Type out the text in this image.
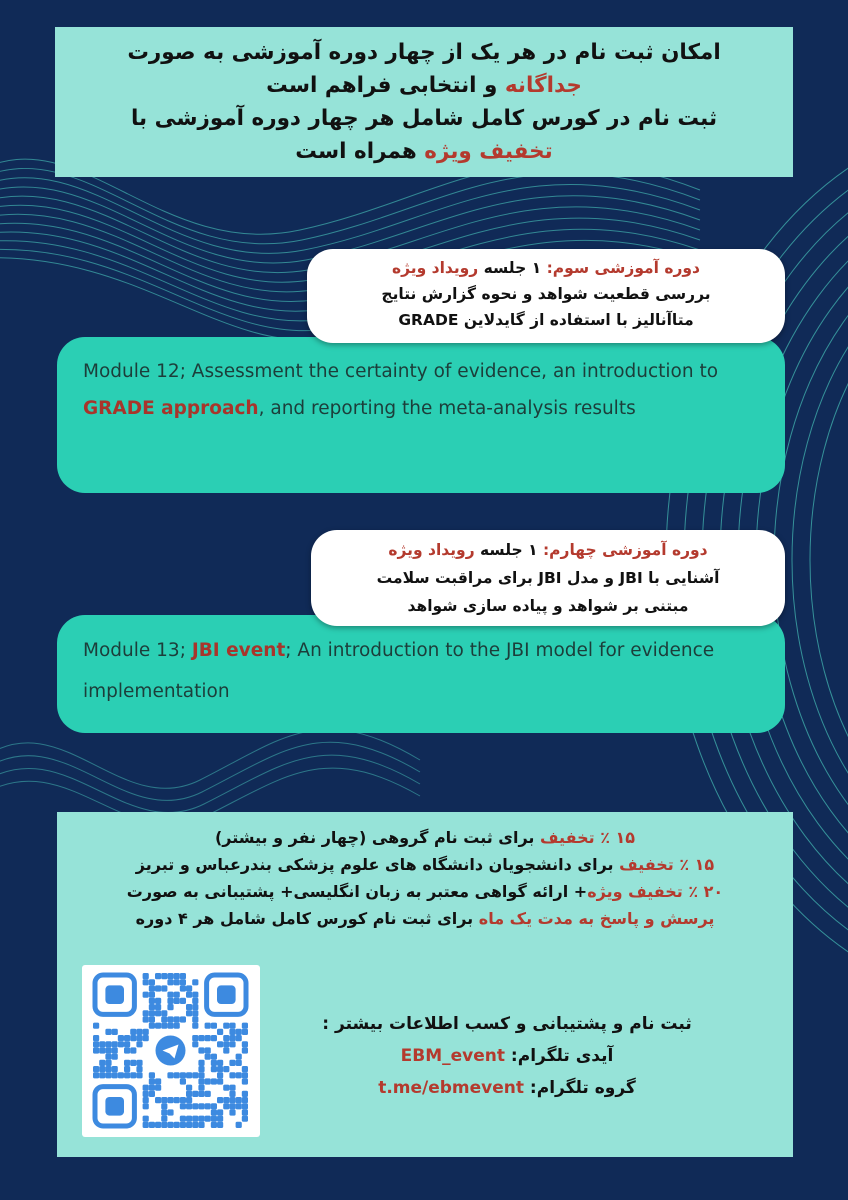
امکان ثبت نام در هر یک از چهار دوره آموزشی به صورت
جداگانه و انتخابی فراهم است
ثبت نام در کورس کامل شامل هر چهار دوره آموزشی با
تخفیف ویژه همراه است
دوره آموزشی سوم: ۱ جلسه رویداد ویژه
بررسی قطعیت شواهد و نحوه گزارش نتایج
متاآنالیز با استفاده از گایدلاین GRADE
Module 12; Assessment the certainty of evidence, an introduction to GRADE approach, and reporting the meta-analysis results
دوره آموزشی چهارم: ۱ جلسه رویداد ویژه
آشنایی با JBI و مدل JBI برای مراقبت سلامت
مبتنی بر شواهد و پیاده سازی شواهد
Module 13; JBI event; An introduction to the JBI model for evidence implementation
۱۵ ٪ تخفیف برای ثبت نام گروهی (چهار نفر و بیشتر)
۱۵ ٪ تخفیف برای دانشجویان دانشگاه های علوم پزشکی بندرعباس و تبریز
۲۰ ٪ تخفیف ویژه+ ارائه گواهی معتبر به زبان انگلیسی+ پشتیبانی به صورت
پرسش و پاسخ به مدت یک ماه برای ثبت نام کورس کامل شامل هر ۴ دوره
ثبت نام و پشتیبانی و کسب اطلاعات بیشتر :
آیدی تلگرام: EBM_event
گروه تلگرام: t.me/ebmevent
